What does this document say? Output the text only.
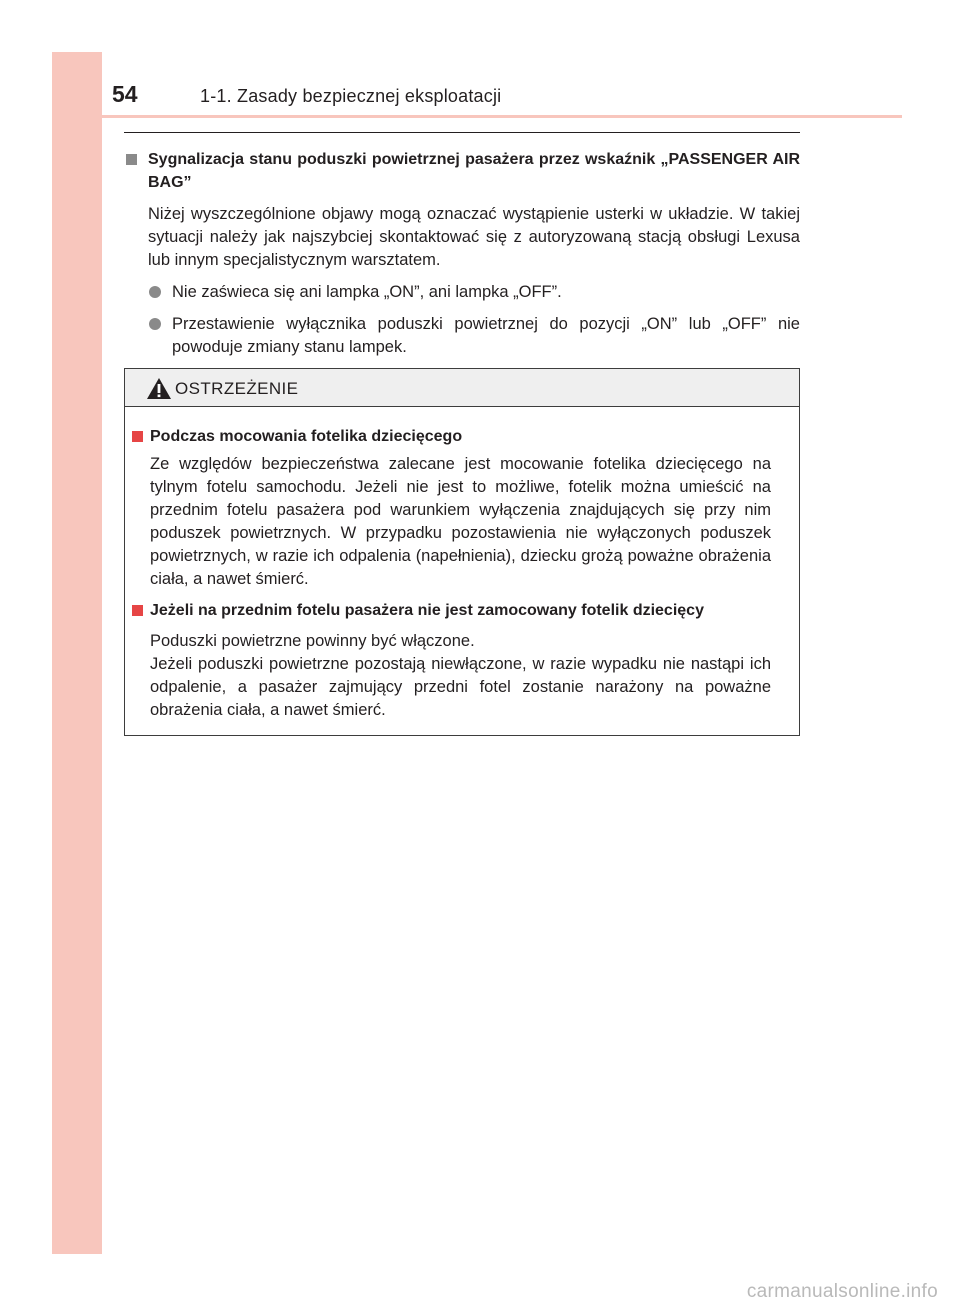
54	1-1. Zasady bezpiecznej eksploatacji
Sygnalizacja stanu poduszki powietrznej pasażera przez wskaźnik „PASSENGER AIR BAG”
Niżej wyszczególnione objawy mogą oznaczać wystąpienie usterki w układzie. W takiej sytuacji należy jak najszybciej skontaktować się z autoryzowaną stacją obsługi Lexusa lub innym specjalistycznym warsztatem.
Nie zaświeca się ani lampka „ON”, ani lampka „OFF”.
Przestawienie wyłącznika poduszki powietrznej do pozycji „ON” lub „OFF” nie powoduje zmiany stanu lampek.
OSTRZEŻENIE
Podczas mocowania fotelika dziecięcego
Ze względów bezpieczeństwa zalecane jest mocowanie fotelika dziecięcego na tylnym fotelu samochodu. Jeżeli nie jest to możliwe, fotelik można umieścić na przednim fotelu pasażera pod warunkiem wyłączenia znajdujących się przy nim poduszek powietrznych. W przypadku pozostawienia nie wyłączonych poduszek powietrznych, w razie ich odpalenia (napełnienia), dziecku grożą poważne obrażenia ciała, a nawet śmierć.
Jeżeli na przednim fotelu pasażera nie jest zamocowany fotelik dziecięcy
Poduszki powietrzne powinny być włączone.
Jeżeli poduszki powietrzne pozostają niewłączone, w razie wypadku nie nastąpi ich odpalenie, a pasażer zajmujący przedni fotel zostanie narażony na poważne obrażenia ciała, a nawet śmierć.
carmanualsonline.info
